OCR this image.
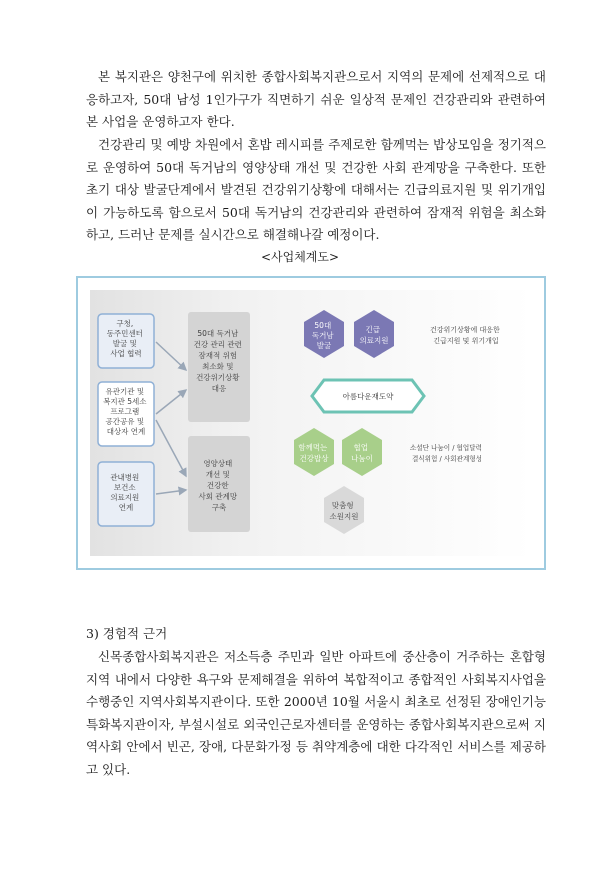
본 복지관은 양천구에 위치한 종합사회복지관으로서 지역의 문제에 선제적으로 대응하고자, 50대 남성 1인가구가 직면하기 쉬운 일상적 문제인 건강관리와 관련하여 본 사업을 운영하고자 한다.

건강관리 및 예방 차원에서 혼밥 레시피를 주제로한 함께먹는 밥상모임을 정기적으로 운영하여 50대 독거남의 영양상태 개선 및 건강한 사회 관계망을 구축한다. 또한 초기 대상 발굴단계에서 발견된 건강위기상황에 대해서는 긴급의료지원 및 위기개입이 가능하도록 함으로서 50대 독거남의 건강관리와 관련하여 잠재적 위험을 최소화하고, 드러난 문제를 실시간으로 해결해나갈 예정이다.

<사업체계도>
구청, 동주민센터 발굴 및 사업 협력
유관기관 및 복지관 5세소 프로그램 공간공유 및 대상자 연계
관내병원 보건소 의료지원 연계
50대 독거남 건강 관리 관련 잠재적 위험 최소화 및 건강위기상황 대응
영양상태 개선 및 건강한 사회 관계망 구축
50대 독거남 발굴
긴급 의료지원
아름다운재도약
함께먹는 건강밥상
협업 나눔이
맞춤형 소원지원
건강위기상황에 대응한 긴급지원 및 위기개입
소셜단 나눔이 / 협업달력 결식위험 / 사회관계형성

3) 경험적 근거

신목종합사회복지관은 저소득층 주민과 일반 아파트에 중산층이 거주하는 혼합형 지역 내에서 다양한 욕구와 문제해결을 위하여 복합적이고 종합적인 사회복지사업을 수행중인 지역사회복지관이다. 또한 2000년 10월 서울시 최초로 선정된 장애인기능특화복지관이자, 부설시설로 외국인근로자센터를 운영하는 종합사회복지관으로써 지역사회 안에서 빈곤, 장애, 다문화가정 등 취약계층에 대한 다각적인 서비스를 제공하고 있다.
